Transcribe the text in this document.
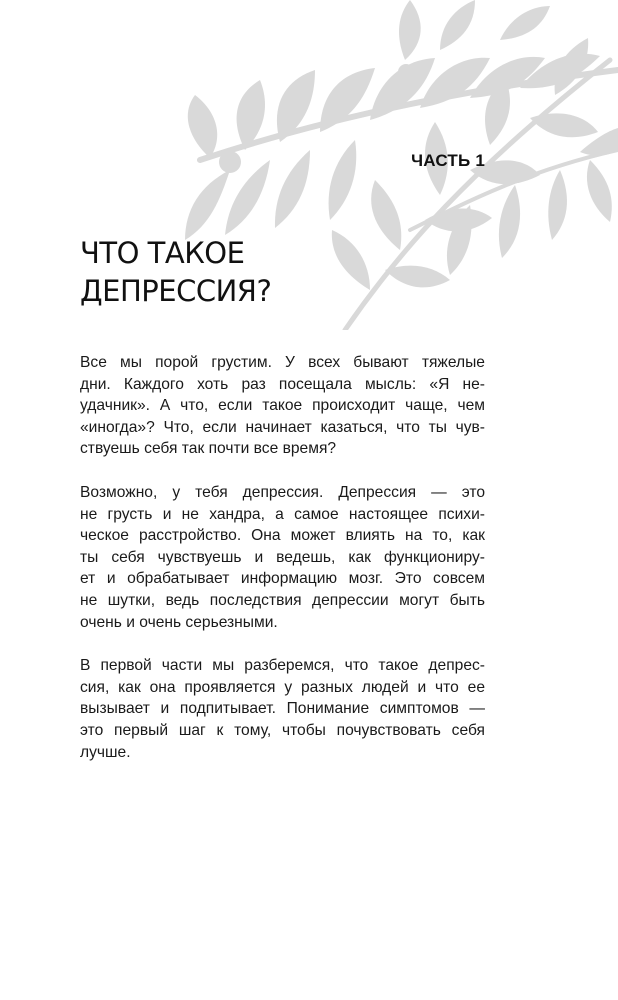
ЧАСТЬ 1
ЧТО ТАКОЕ
ДЕПРЕССИЯ?

Все мы порой грустим. У всех бывают тяжелые
дни. Каждого хоть раз посещала мысль: «Я не-
удачник». А что, если такое происходит чаще, чем
«иногда»? Что, если начинает казаться, что ты чув-
ствуешь себя так почти все время?

Возможно, у тебя депрессия. Депрессия — это
не грусть и не хандра, а самое настоящее психи-
ческое расстройство. Она может влиять на то, как
ты себя чувствуешь и ведешь, как функциониру-
ет и обрабатывает информацию мозг. Это совсем
не шутки, ведь последствия депрессии могут быть
очень и очень серьезными.

В первой части мы разберемся, что такое депрес-
сия, как она проявляется у разных людей и что ее
вызывает и подпитывает. Понимание симптомов —
это первый шаг к тому, чтобы почувствовать себя
лучше.
